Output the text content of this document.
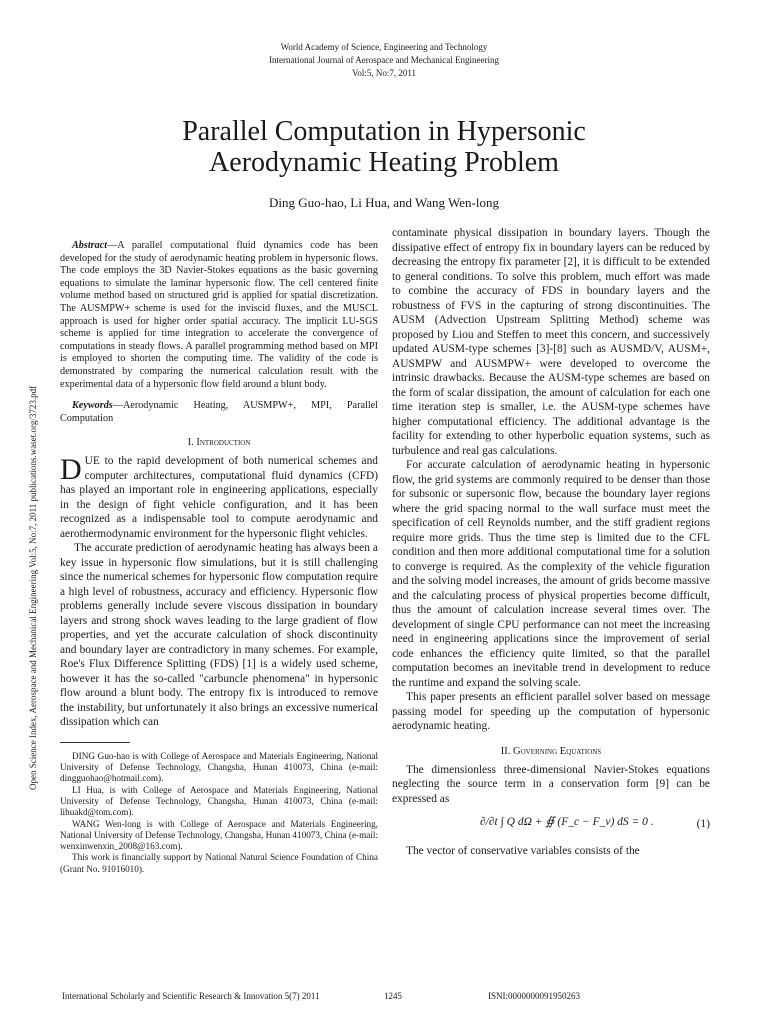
World Academy of Science, Engineering and Technology
International Journal of Aerospace and Mechanical Engineering
Vol:5, No:7, 2011
Open Science Index, Aerospace and Mechanical Engineering Vol:5, No:7, 2011 publications.waset.org/3723.pdf
Parallel Computation in Hypersonic
Aerodynamic Heating Problem
Ding Guo-hao, Li Hua, and Wang Wen-long

Abstract—A parallel computational fluid dynamics code has been developed for the study of aerodynamic heating problem in hypersonic flows. The code employs the 3D Navier-Stokes equations as the basic governing equations to simulate the laminar hypersonic flow. The cell centered finite volume method based on structured grid is applied for spatial discretization. The AUSMPW+ scheme is used for the inviscid fluxes, and the MUSCL approach is used for higher order spatial accuracy. The implicit LU-SGS scheme is applied for time integration to accelerate the convergence of computations in steady flows. A parallel programming method based on MPI is employed to shorten the computing time. The validity of the code is demonstrated by comparing the numerical calculation result with the experimental data of a hypersonic flow field around a blunt body.

Keywords—Aerodynamic Heating, AUSMPW+, MPI, Parallel Computation

I. Introduction

DUE to the rapid development of both numerical schemes and computer architectures, computational fluid dynamics (CFD) has played an important role in engineering applications, especially in the design of fight vehicle configuration, and it has been recognized as a indispensable tool to compute aerodynamic and aerothermodynamic environment for the hypersonic flight vehicles.

The accurate prediction of aerodynamic heating has always been a key issue in hypersonic flow simulations, but it is still challenging since the numerical schemes for hypersonic flow computation require a high level of robustness, accuracy and efficiency. Hypersonic flow problems generally include severe viscous dissipation in boundary layers and strong shock waves leading to the large gradient of flow properties, and yet the accurate calculation of shock discontinuity and boundary layer are contradictory in many schemes. For example, Roe's Flux Difference Splitting (FDS) [1] is a widely used scheme, however it has the so-called "carbuncle phenomena" in hypersonic flow around a blunt body. The entropy fix is introduced to remove the instability, but unfortunately it also brings an excessive numerical dissipation which can

DING Guo-hao is with College of Aerospace and Materials Engineering, National University of Defense Technology, Changsha, Hunan 410073, China (e-mail: dingguohao@hotmail.com).

LI Hua, is with College of Aerospace and Materials Engineering, National University of Defense Technology, Changsha, Hunan 410073, China (e-mail: lihuakd@tom.com).

WANG Wen-long is with College of Aerospace and Materials Engineering, National University of Defense Technology, Changsha, Hunan 410073, China (e-mail: wenxinwenxin_2008@163.com).

This work is financially support by National Natural Science Foundation of China (Grant No. 91016010).

contaminate physical dissipation in boundary layers. Though the dissipative effect of entropy fix in boundary layers can be reduced by decreasing the entropy fix parameter [2], it is difficult to be extended to general conditions. To solve this problem, much effort was made to combine the accuracy of FDS in boundary layers and the robustness of FVS in the capturing of strong discontinuities. The AUSM (Advection Upstream Splitting Method) scheme was proposed by Liou and Steffen to meet this concern, and successively updated AUSM-type schemes [3]-[8] such as AUSMD/V, AUSM+, AUSMPW and AUSMPW+ were developed to overcome the intrinsic drawbacks. Because the AUSM-type schemes are based on the form of scalar dissipation, the amount of calculation for each one time iteration step is smaller, i.e. the AUSM-type schemes have higher computational efficiency. The additional advantage is the facility for extending to other hyperbolic equation systems, such as turbulence and real gas calculations.

For accurate calculation of aerodynamic heating in hypersonic flow, the grid systems are commonly required to be denser than those for subsonic or supersonic flow, because the boundary layer regions where the grid spacing normal to the wall surface must meet the specification of cell Reynolds number, and the stiff gradient regions require more grids. Thus the time step is limited due to the CFL condition and then more additional computational time for a solution to converge is required. As the complexity of the vehicle figuration and the solving model increases, the amount of grids become massive and the calculating process of physical properties become difficult, thus the amount of calculation increase several times over. The development of single CPU performance can not meet the increasing need in engineering applications since the improvement of serial code enhances the efficiency quite limited, so that the parallel computation becomes an inevitable trend in development to reduce the runtime and expand the solving scale.

This paper presents an efficient parallel solver based on message passing model for speeding up the computation of hypersonic aerodynamic heating.

II. Governing Equations

The dimensionless three-dimensional Navier-Stokes equations neglecting the source term in a conservation form [9] can be expressed as

∂/∂t ∫ Q dΩ + ∯ (F_c − F_v) dS = 0 .	(1)

The vector of conservative variables consists of the

International Scholarly and Scientific Research & Innovation 5(7) 2011	1245	ISNI:0000000091950263
